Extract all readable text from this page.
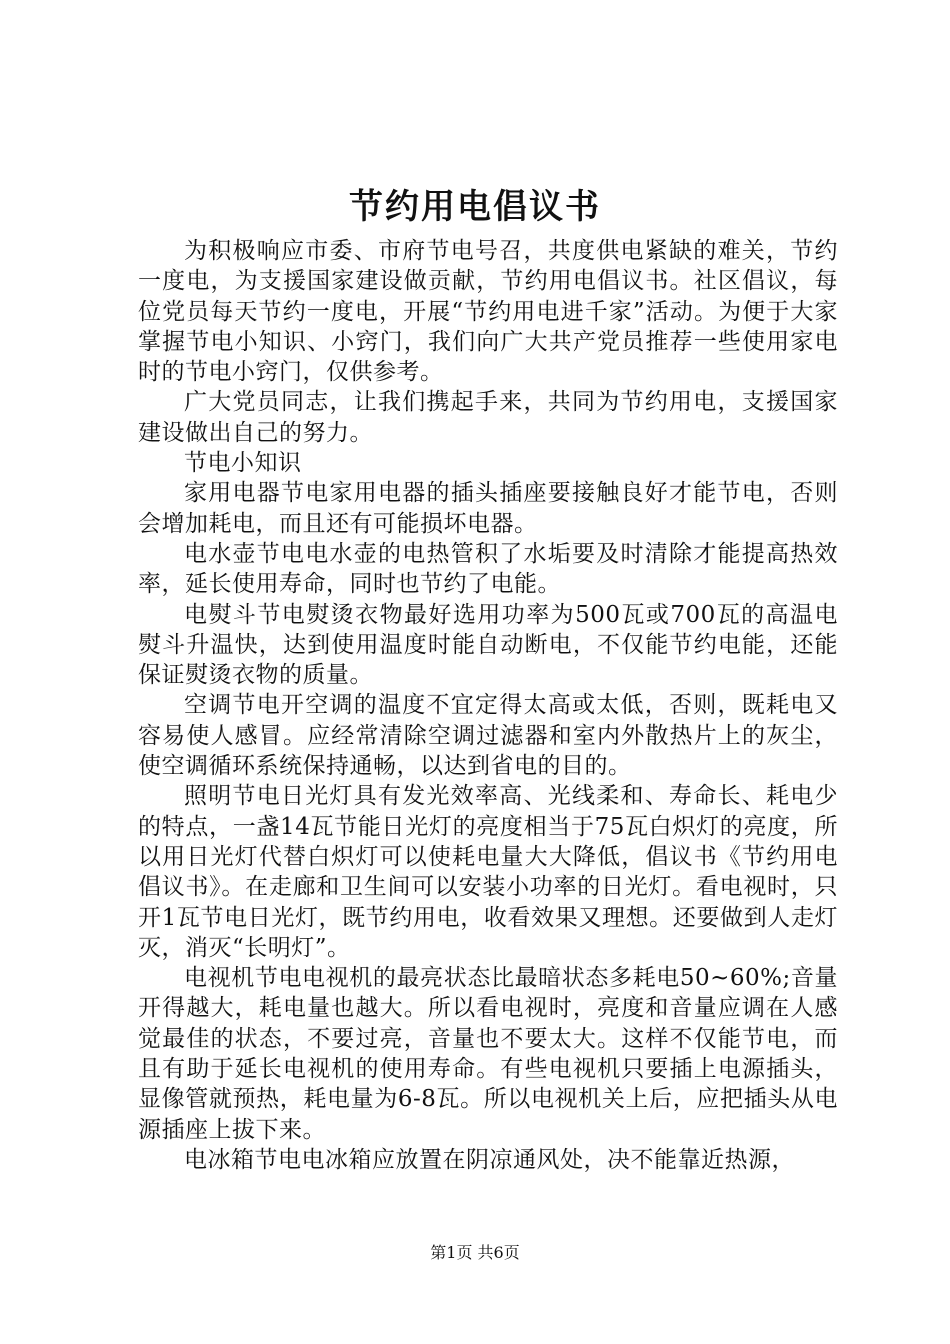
节约用电倡议书

为积极响应市委、市府节电号召，共度供电紧缺的难关，节约一度电，为支援国家建设做贡献，节约用电倡议书。社区倡议，每位党员每天节约一度电，开展“节约用电进千家”活动。为便于大家掌握节电小知识、小窍门，我们向广大共产党员推荐一些使用家电时的节电小窍门，仅供参考。

广大党员同志，让我们携起手来，共同为节约用电，支援国家建设做出自己的努力。

节电小知识

家用电器节电家用电器的插头插座要接触良好才能节电，否则会增加耗电，而且还有可能损坏电器。

电水壶节电电水壶的电热管积了水垢要及时清除才能提高热效率，延长使用寿命，同时也节约了电能。

电熨斗节电熨烫衣物最好选用功率为500瓦或700瓦的高温电熨斗升温快，达到使用温度时能自动断电，不仅能节约电能，还能保证熨烫衣物的质量。

空调节电开空调的温度不宜定得太高或太低，否则，既耗电又容易使人感冒。应经常清除空调过滤器和室内外散热片上的灰尘，使空调循环系统保持通畅，以达到省电的目的。

照明节电日光灯具有发光效率高、光线柔和、寿命长、耗电少的特点，一盏14瓦节能日光灯的亮度相当于75瓦白炽灯的亮度，所以用日光灯代替白炽灯可以使耗电量大大降低，倡议书《节约用电倡议书》。在走廊和卫生间可以安装小功率的日光灯。看电视时，只开1瓦节电日光灯，既节约用电，收看效果又理想。还要做到人走灯灭，消灭“长明灯”。

电视机节电电视机的最亮状态比最暗状态多耗电50~60%;音量开得越大，耗电量也越大。所以看电视时，亮度和音量应调在人感觉最佳的状态，不要过亮，音量也不要太大。这样不仅能节电，而且有助于延长电视机的使用寿命。有些电视机只要插上电源插头，显像管就预热，耗电量为6-8瓦。所以电视机关上后，应把插头从电源插座上拔下来。

电冰箱节电电冰箱应放置在阴凉通风处，决不能靠近热源，

第1页 共6页
